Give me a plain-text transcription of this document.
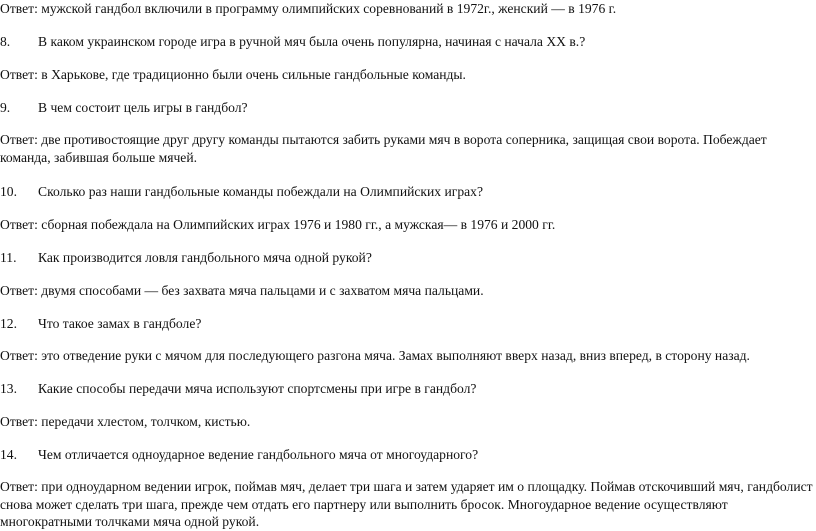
Ответ: мужской гандбол включили в программу олимпийских соревнований в 1972г., женский — в 1976 г.
8. В каком украинском городе игра в ручной мяч была очень популярна, начиная с начала ХХ в.?
Ответ: в Харькове, где традиционно были очень сильные гандбольные команды.
9. В чем состоит цель игры в гандбол?
Ответ: две противостоящие друг другу команды пытаются забить руками мяч в ворота соперника, защищая свои ворота. Побеждает команда, забившая больше мячей.
10. Сколько раз наши гандбольные команды побеждали на Олимпийских играх?
Ответ: сборная побеждала на Олимпийских играх 1976 и 1980 гг., а мужская— в 1976 и 2000 гг.
11. Как производится ловля гандбольного мяча одной рукой?
Ответ: двумя способами — без захвата мяча пальцами и с захватом мяча пальцами.
12. Что такое замах в гандболе?
Ответ: это отведение руки с мячом для последующего разгона мяча. Замах выполняют вверх назад, вниз вперед, в сторону назад.
13. Какие способы передачи мяча используют спортсмены при игре в гандбол?
Ответ: передачи хлестом, толчком, кистью.
14. Чем отличается одноударное ведение гандбольного мяча от многоударного?
Ответ: при одноударном ведении игрок, поймав мяч, делает три шага и затем ударяет им о площадку. Поймав отскочивший мяч, гандболист снова может сделать три шага, прежде чем отдать его партнеру или выполнить бросок. Многоударное ведение осуществляют многократными толчками мяча одной рукой.
